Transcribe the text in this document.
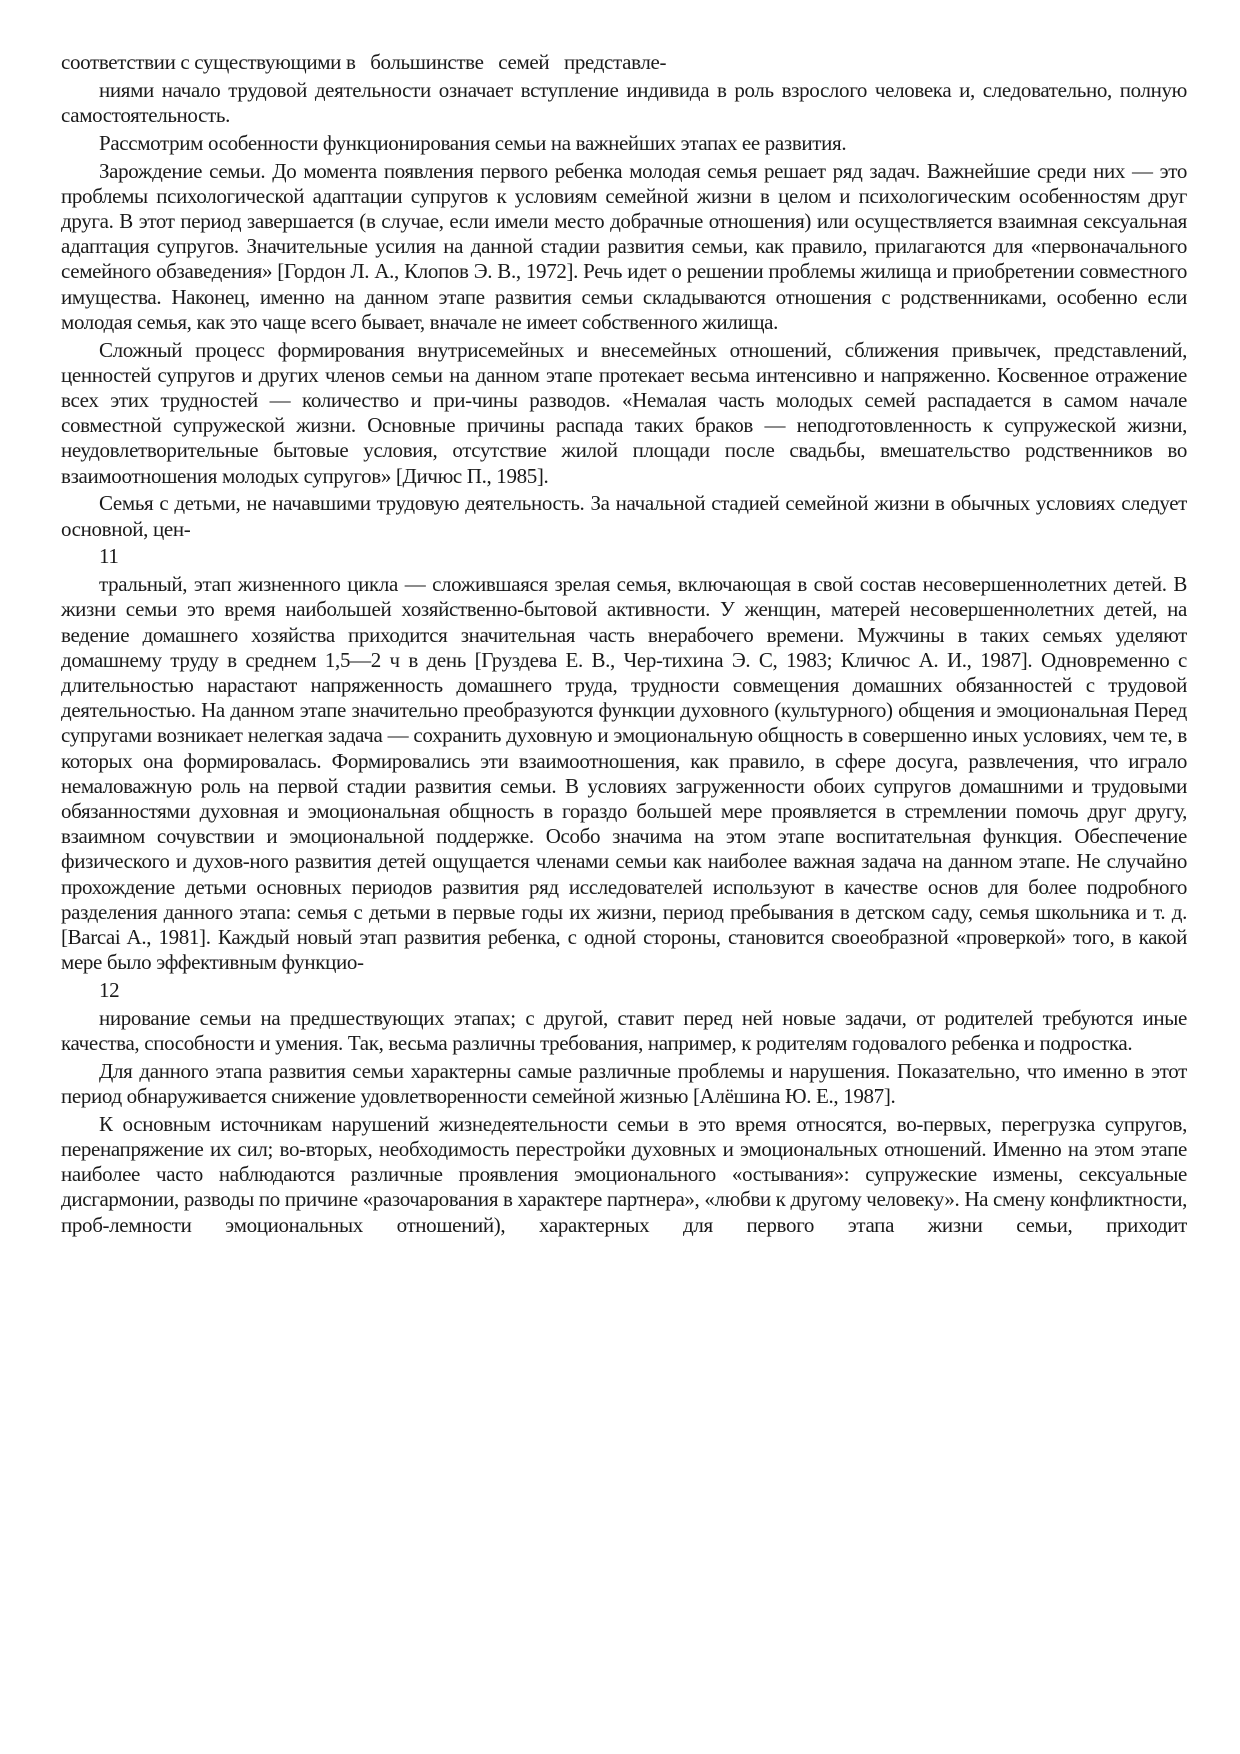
соответствии с существующими в   большинстве   семей   представле-

ниями начало трудовой деятельности означает вступление индивида в роль взрослого человека и, следовательно, полную самостоятельность.

Рассмотрим особенности функционирования семьи на важнейших этапах ее развития.

Зарождение семьи. До момента появления первого ребенка молодая семья решает ряд задач. Важнейшие среди них — это проблемы психологической адаптации супругов к условиям семейной жизни в целом и психологическим особенностям друг друга. В этот период завершается (в случае, если имели место добрачные отношения) или осуществляется взаимная сексуальная адаптация супругов. Значительные усилия на данной стадии развития семьи, как правило, прилагаются для «первоначального семейного обзаведения» [Гордон Л. А., Клопов Э. В., 1972]. Речь идет о решении проблемы жилища и приобретении совместного имущества. Наконец, именно на данном этапе развития семьи складываются отношения с родственниками, особенно если молодая семья, как это чаще всего бывает, вначале не имеет собственного жилища.

Сложный процесс формирования внутрисемейных и внесемейных отношений, сближения привычек, представлений, ценностей супругов и других членов семьи на данном этапе протекает весьма интенсивно и напряженно. Косвенное отражение всех этих трудностей — количество и при-чины разводов. «Немалая часть молодых семей распадается в самом начале совместной супружеской жизни. Основные причины распада таких браков — неподготовленность к супружеской жизни, неудовлетворительные бытовые условия, отсутствие жилой площади после свадьбы, вмешательство родственников во взаимоотношения молодых супругов» [Дичюс П., 1985].

Семья с детьми, не начавшими трудовую деятельность. За начальной стадией семейной жизни в обычных условиях следует основной, цен-

11

тральный, этап жизненного цикла — сложившаяся зрелая семья, включающая в свой состав несовершеннолетних детей. В жизни семьи это время наибольшей хозяйственно-бытовой активности. У женщин, матерей несовершеннолетних детей, на ведение домашнего хозяйства приходится значительная часть внерабочего времени. Мужчины в таких семьях уделяют домашнему труду в среднем 1,5—2 ч в день [Груздева Е. В., Чер-тихина Э. С, 1983; Кличюс А. И., 1987]. Одновременно с длительностью нарастают напряженность домашнего труда, трудности совмещения домашних обязанностей с трудовой деятельностью. На данном этапе значительно преобразуются функции духовного (культурного) общения и эмоциональная Перед супругами возникает нелегкая задача — сохранить духовную и эмоциональную общность в совершенно иных условиях, чем те, в которых она формировалась. Формировались эти взаимоотношения, как правило, в сфере досуга, развлечения, что играло немаловажную роль на первой стадии развития семьи. В условиях загруженности обоих супругов домашними и трудовыми обязанностями духовная и эмоциональная общность в гораздо большей мере проявляется в стремлении помочь друг другу, взаимном сочувствии и эмоциональной поддержке. Особо значима на этом этапе воспитательная функция. Обеспечение физического и духов-ного развития детей ощущается членами семьи как наиболее важная задача на данном этапе. Не случайно прохождение детьми основных периодов развития ряд исследователей используют в качестве основ для более подробного разделения данного этапа: семья с детьми в первые годы их жизни, период пребывания в детском саду, семья школьника и т. д. [Barcai A., 1981]. Каждый новый этап развития ребенка, с одной стороны, становится своеобразной «проверкой» того, в какой мере было эффективным функцио-

12

нирование семьи на предшествующих этапах; с другой, ставит перед ней новые задачи, от родителей требуются иные качества, способности и умения. Так, весьма различны требования, например, к родителям годовалого ребенка и подростка.

Для данного этапа развития семьи характерны самые различные проблемы и нарушения. Показательно, что именно в этот период обнаруживается снижение удовлетворенности семейной жизнью [Алёшина Ю. Е., 1987].

К основным источникам нарушений жизнедеятельности семьи в это время относятся, во-первых, перегрузка супругов, перенапряжение их сил; во-вторых, необходимость перестройки духовных и эмоциональных отношений. Именно на этом этапе наиболее часто наблюдаются различные проявления эмоционального «остывания»: супружеские измены, сексуальные дисгармонии, разводы по причине «разочарования в характере партнера», «любви к другому человеку». На смену конфликтности, проб-лемности эмоциональных отношений), характерных для первого этапа жизни семьи, приходит
